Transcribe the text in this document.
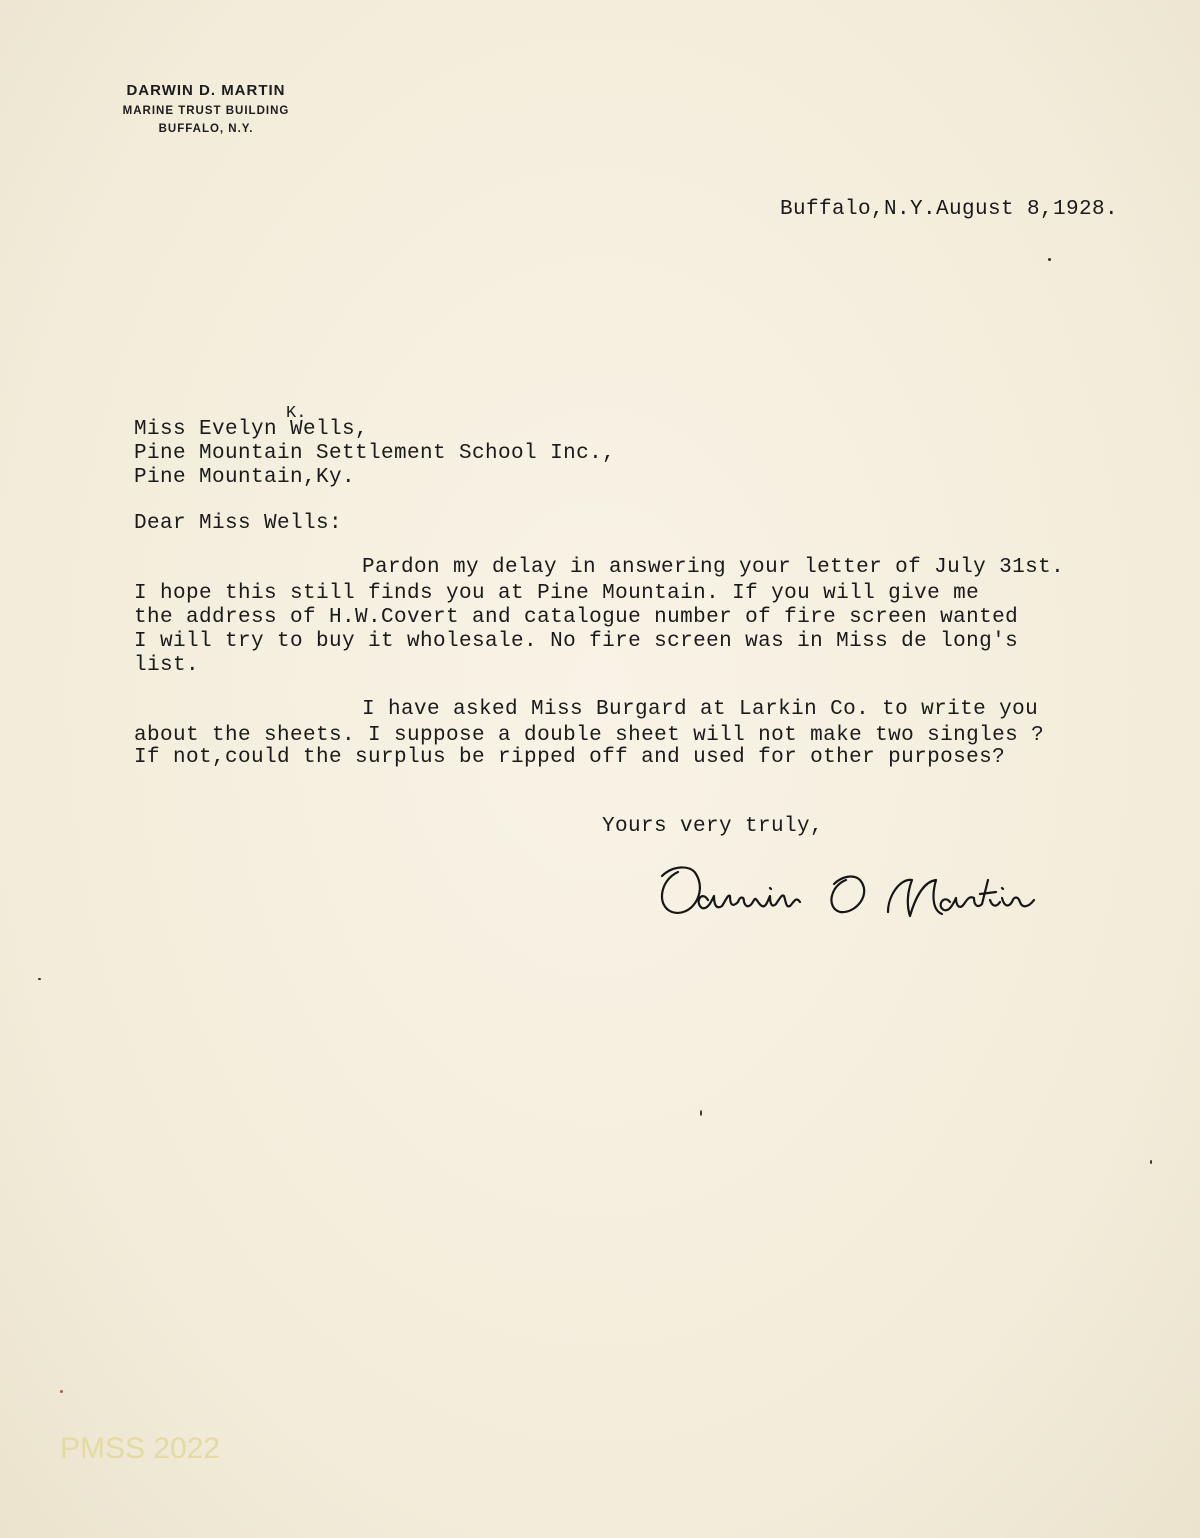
DARWIN D. MARTIN
MARINE TRUST BUILDING
BUFFALO, N.Y.
Buffalo,N.Y.August 8,1928.
K.
Miss Evelyn Wells,
Pine Mountain Settlement School Inc.,
Pine Mountain,Ky.
Dear Miss Wells:
Pardon my delay in answering your letter of July 31st.
I hope this still finds you at Pine Mountain. If you will give me
the address of H.W.Covert and catalogue number of fire screen wanted
I will try to buy it wholesale. No fire screen was in Miss de long's
list.
I have asked Miss Burgard at Larkin Co. to write you
about the sheets. I suppose a double sheet will not make two singles ?
If not,could the surplus be ripped off and used for other purposes?
Yours very truly,
PMSS 2022
